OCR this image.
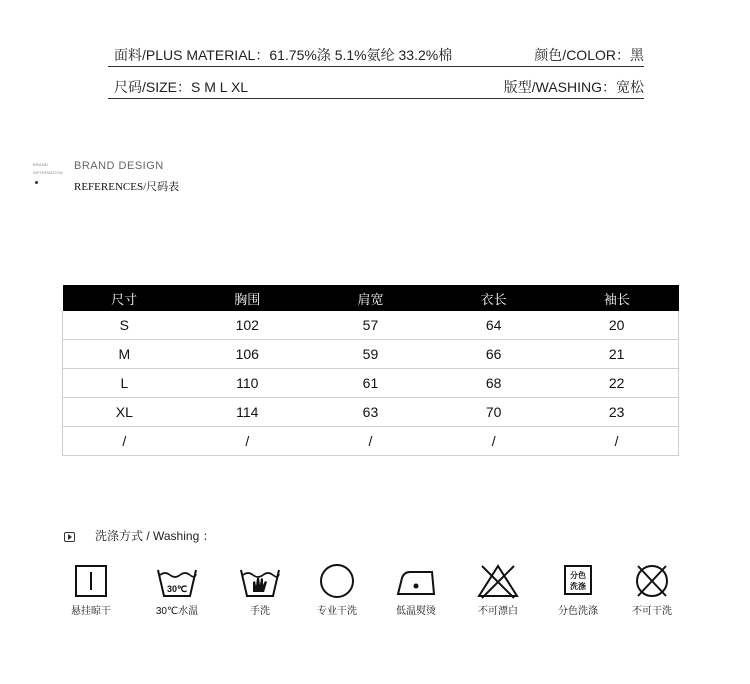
面料/PLUS MATERIAL：61.75%涤 5.1%氨纶 33.2%棉	颜色/COLOR：黑
尺码/SIZE：S M L XL	版型/WASHING：宽松
BRAND
INFORMATION
BRAND DESIGN
REFERENCES/尺码表
尺寸	胸围	肩宽	衣长	袖长
S	102	57	64	20
M	106	59	66	21
L	110	61	68	22
XL	114	63	70	23
/	/	/	/	/
洗涤方式 / Washing ：
悬挂晾干
30℃
30℃水温	手洗	专业干洗	低温熨烫	不可漂白
分色
洗涤
分色洗涤	不可干洗
